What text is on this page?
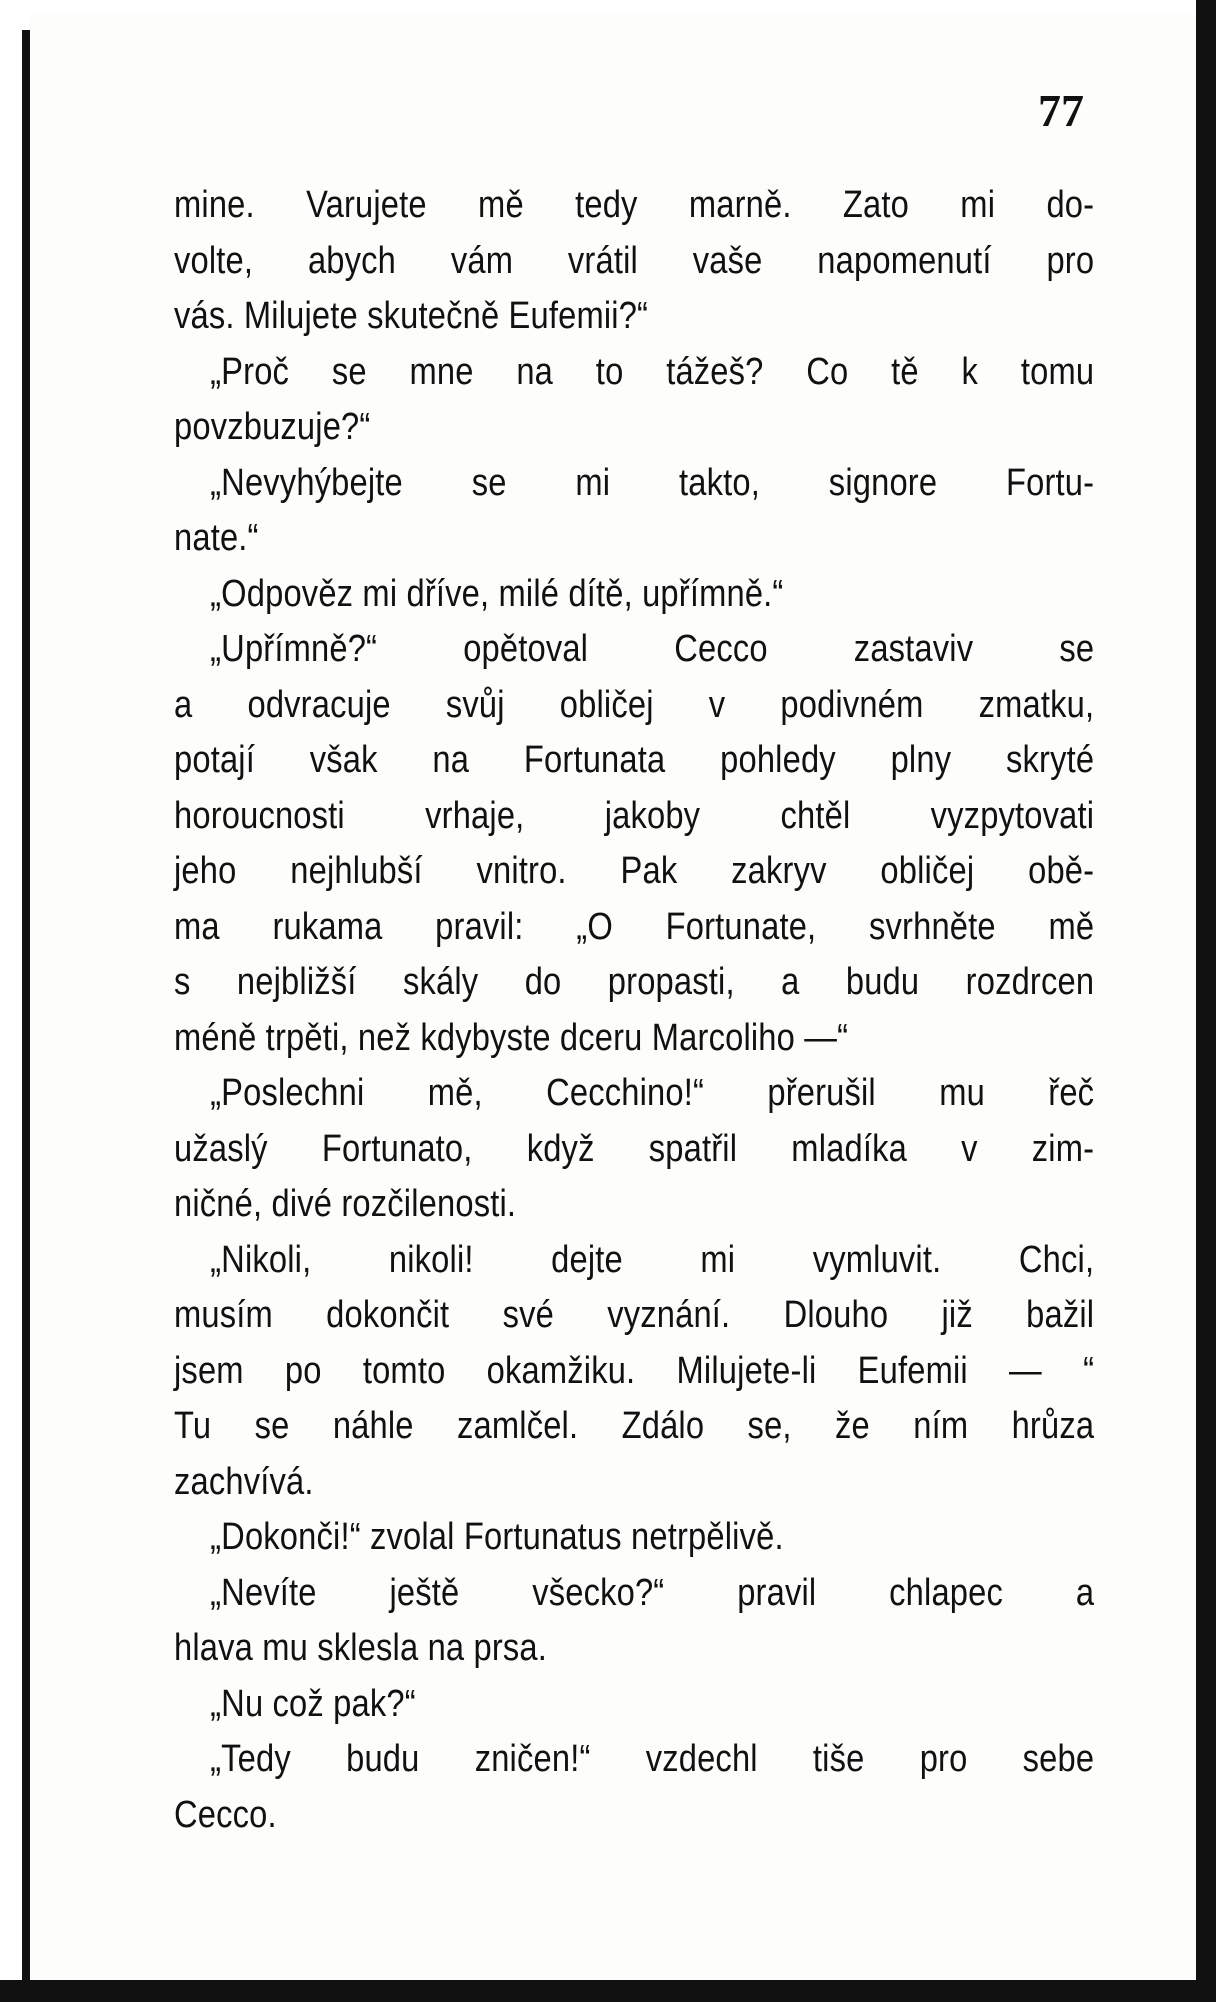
77
mine. Varujete mě tedy marně. Zato mi do-
volte, abych vám vrátil vaše napomenutí pro
vás. Milujete skutečně Eufemii?“
„Proč se mne na to tážeš? Co tě k tomu
povzbuzuje?“
„Nevyhýbejte se mi takto, signore Fortu-
nate.“
„Odpověz mi dříve, milé dítě, upřímně.“
„Upřímně?“ opětoval Cecco zastaviv se
a odvracuje svůj obličej v podivném zmatku,
potají však na Fortunata pohledy plny skryté
horoucnosti vrhaje, jakoby chtěl vyzpytovati
jeho nejhlubší vnitro. Pak zakryv obličej obě-
ma rukama pravil: „O Fortunate, svrhněte mě
s nejbližší skály do propasti, a budu rozdrcen
méně trpěti, než kdybyste dceru Marcoliho —“
„Poslechni mě, Cecchino!“ přerušil mu řeč
užaslý Fortunato, když spatřil mladíka v zim-
ničné, divé rozčilenosti.
„Nikoli, nikoli! dejte mi vymluvit. Chci,
musím dokončit své vyznání. Dlouho již bažil
jsem po tomto okamžiku. Milujete-li Eufemii — “
Tu se náhle zamlčel. Zdálo se, že ním hrůza
zachvívá.
„Dokonči!“ zvolal Fortunatus netrpělivě.
„Nevíte ještě všecko?“ pravil chlapec a
hlava mu sklesla na prsa.
„Nu což pak?“
„Tedy budu zničen!“ vzdechl tiše pro sebe
Cecco.
